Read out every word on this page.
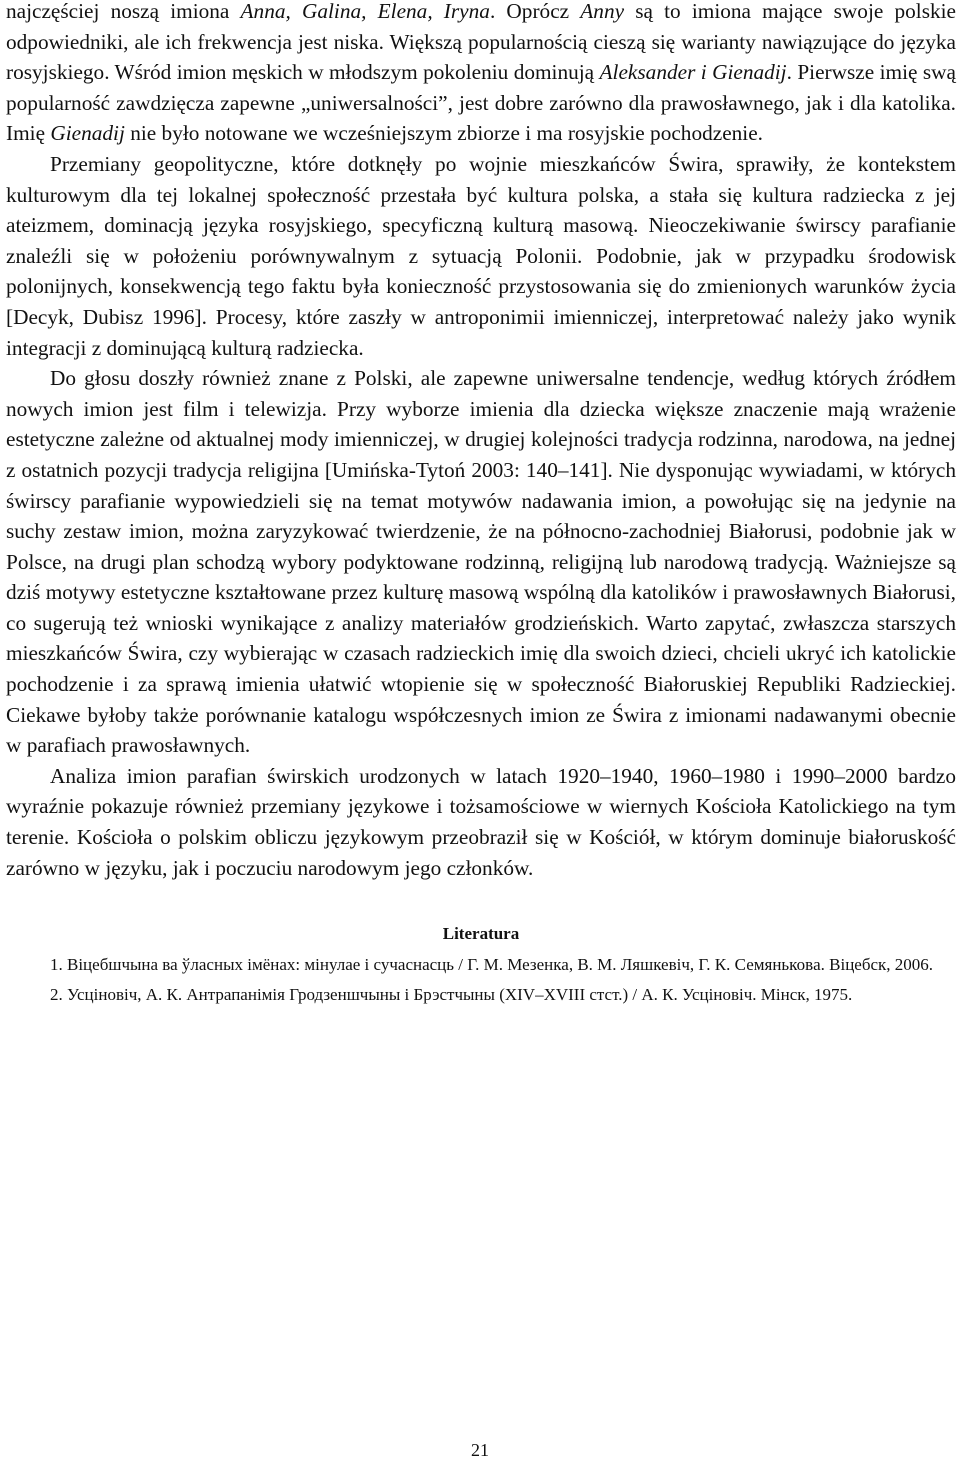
najczęściej noszą imiona Anna, Galina, Elena, Iryna. Oprócz Anny są to imiona mające swoje polskie odpowiedniki, ale ich frekwencja jest niska. Większą popularnością cieszą się warianty nawiązujące do języka rosyjskiego. Wśród imion męskich w młodszym pokoleniu dominują Aleksander i Gienadij. Pierwsze imię swą popularność zawdzięcza zapewne „uniwersalności”, jest dobre zarówno dla prawosławnego, jak i dla katolika. Imię Gienadij nie było notowane we wcześniejszym zbiorze i ma rosyjskie pochodzenie.

Przemiany geopolityczne, które dotknęły po wojnie mieszkańców Świra, sprawiły, że kontekstem kulturowym dla tej lokalnej społeczność przestała być kultura polska, a stała się kultura radziecka z jej ateizmem, dominacją języka rosyjskiego, specyficzną kulturą masową. Nieoczekiwanie świrscy parafianie znaleźli się w położeniu porównywalnym z sytuacją Polonii. Podobnie, jak w przypadku środowisk polonijnych, konsekwencją tego faktu była konieczność przystosowania się do zmienionych warunków życia [Decyk, Dubisz 1996]. Procesy, które zaszły w antroponimii imienniczej, interpretować należy jako wynik integracji z dominującą kulturą radziecka.

Do głosu doszły również znane z Polski, ale zapewne uniwersalne tendencje, według których źródłem nowych imion jest film i telewizja. Przy wyborze imienia dla dziecka większe znaczenie mają wrażenie estetyczne zależne od aktualnej mody imienniczej, w drugiej kolejności tradycja rodzinna, narodowa, na jednej z ostatnich pozycji tradycja religijna [Umińska-Tytoń 2003: 140–141]. Nie dysponując wywiadami, w których świrscy parafianie wypowiedzieli się na temat motywów nadawania imion, a powołując się na jedynie na suchy zestaw imion, można zaryzykować twierdzenie, że na północno-zachodniej Białorusi, podobnie jak w Polsce, na drugi plan schodzą wybory podyktowane rodzinną, religijną lub narodową tradycją. Ważniejsze są dziś motywy estetyczne kształtowane przez kulturę masową wspólną dla katolików i prawosławnych Białorusi, co sugerują też wnioski wynikające z analizy materiałów grodzieńskich. Warto zapytać, zwłaszcza starszych mieszkańców Świra, czy wybierając w czasach radzieckich imię dla swoich dzieci, chcieli ukryć ich katolickie pochodzenie i za sprawą imienia ułatwić wtopienie się w społeczność Białoruskiej Republiki Radzieckiej. Ciekawe byłoby także porównanie katalogu współczesnych imion ze Świra z imionami nadawanymi obecnie w parafiach prawosławnych.

Analiza imion parafian świrskich urodzonych w latach 1920–1940, 1960–1980 i 1990–2000 bardzo wyraźnie pokazuje również przemiany językowe i tożsamościowe w wiernych Kościoła Katolickiego na tym terenie. Kościoła o polskim obliczu językowym przeobraził się w Kościół, w którym dominuje białoruskość zarówno w języku, jak i poczuciu narodowym jego członków.

Literatura
1. Віцебшчына ва ўласных імёнах: мінулае і сучаснасць / Г. М. Мезенка, В. М. Ляшкевіч, Г. К. Семяньковa. Віцебск, 2006.
2. Усціновіч, А. К. Антрапанімія Гродзеншчыны і Брэстчыны (XIV–XVIII стст.) / А. К. Усціновіч. Мінск, 1975.
21
